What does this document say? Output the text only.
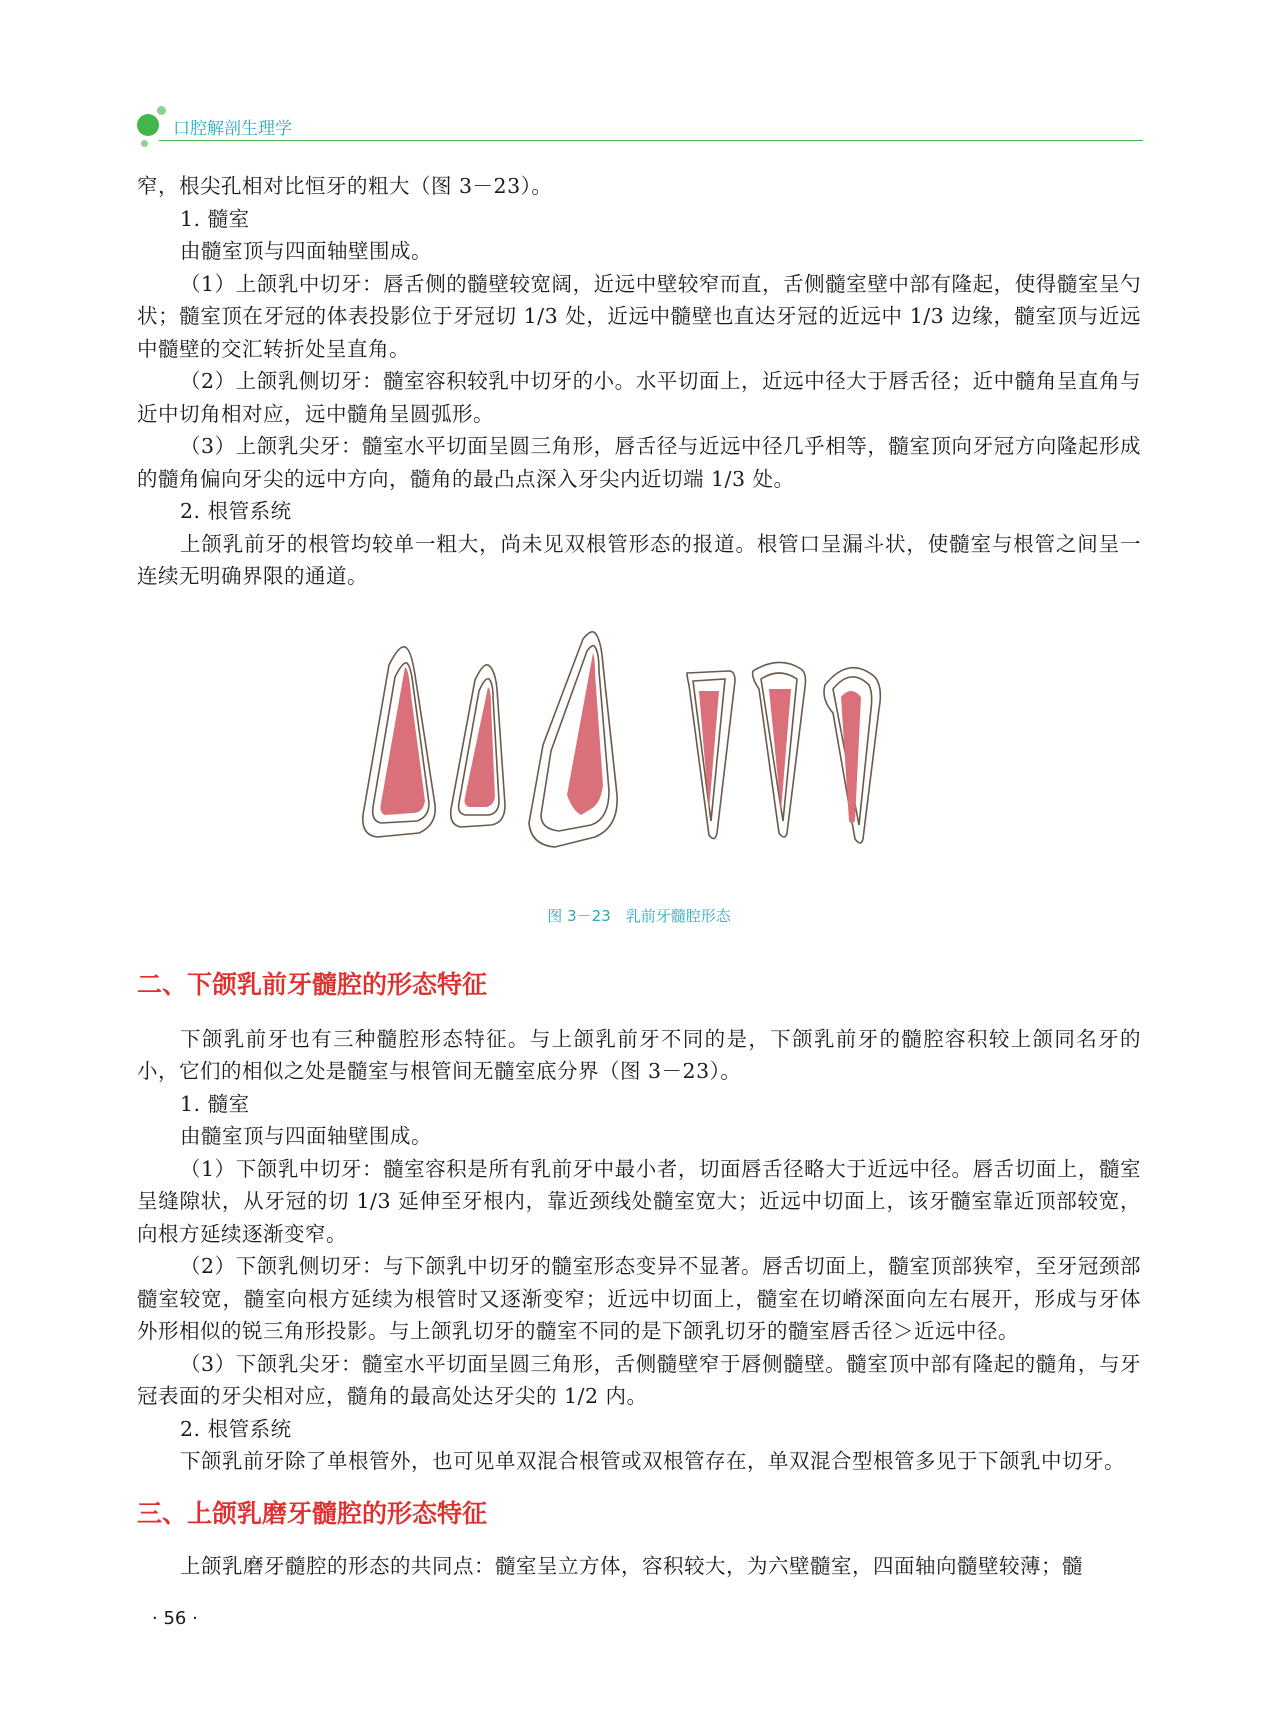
口腔解剖生理学

窄，根尖孔相对比恒牙的粗大（图 3－23）。

1. 髓室

由髓室顶与四面轴壁围成。

（1）上颌乳中切牙：唇舌侧的髓壁较宽阔，近远中壁较窄而直，舌侧髓室壁中部有隆起，使得髓室呈勺状；髓室顶在牙冠的体表投影位于牙冠切 1/3 处，近远中髓壁也直达牙冠的近远中 1/3 边缘，髓室顶与近远中髓壁的交汇转折处呈直角。

（2）上颌乳侧切牙：髓室容积较乳中切牙的小。水平切面上，近远中径大于唇舌径；近中髓角呈直角与近中切角相对应，远中髓角呈圆弧形。

（3）上颌乳尖牙：髓室水平切面呈圆三角形，唇舌径与近远中径几乎相等，髓室顶向牙冠方向隆起形成的髓角偏向牙尖的远中方向，髓角的最凸点深入牙尖内近切端 1/3 处。

2. 根管系统

上颌乳前牙的根管均较单一粗大，尚未见双根管形态的报道。根管口呈漏斗状，使髓室与根管之间呈一连续无明确界限的通道。

图 3－23　乳前牙髓腔形态
二、下颌乳前牙髓腔的形态特征

下颌乳前牙也有三种髓腔形态特征。与上颌乳前牙不同的是，下颌乳前牙的髓腔容积较上颌同名牙的小，它们的相似之处是髓室与根管间无髓室底分界（图 3－23）。

1. 髓室

由髓室顶与四面轴壁围成。

（1）下颌乳中切牙：髓室容积是所有乳前牙中最小者，切面唇舌径略大于近远中径。唇舌切面上，髓室呈缝隙状，从牙冠的切 1/3 延伸至牙根内，靠近颈线处髓室宽大；近远中切面上，该牙髓室靠近顶部较宽，向根方延续逐渐变窄。

（2）下颌乳侧切牙：与下颌乳中切牙的髓室形态变异不显著。唇舌切面上，髓室顶部狭窄，至牙冠颈部髓室较宽，髓室向根方延续为根管时又逐渐变窄；近远中切面上，髓室在切嵴深面向左右展开，形成与牙体外形相似的锐三角形投影。与上颌乳切牙的髓室不同的是下颌乳切牙的髓室唇舌径＞近远中径。

（3）下颌乳尖牙：髓室水平切面呈圆三角形，舌侧髓壁窄于唇侧髓壁。髓室顶中部有隆起的髓角，与牙冠表面的牙尖相对应，髓角的最高处达牙尖的 1/2 内。

2. 根管系统

下颌乳前牙除了单根管外，也可见单双混合根管或双根管存在，单双混合型根管多见于下颌乳中切牙。

三、上颌乳磨牙髓腔的形态特征

上颌乳磨牙髓腔的形态的共同点：髓室呈立方体，容积较大，为六壁髓室，四面轴向髓壁较薄；髓

· 56 ·
